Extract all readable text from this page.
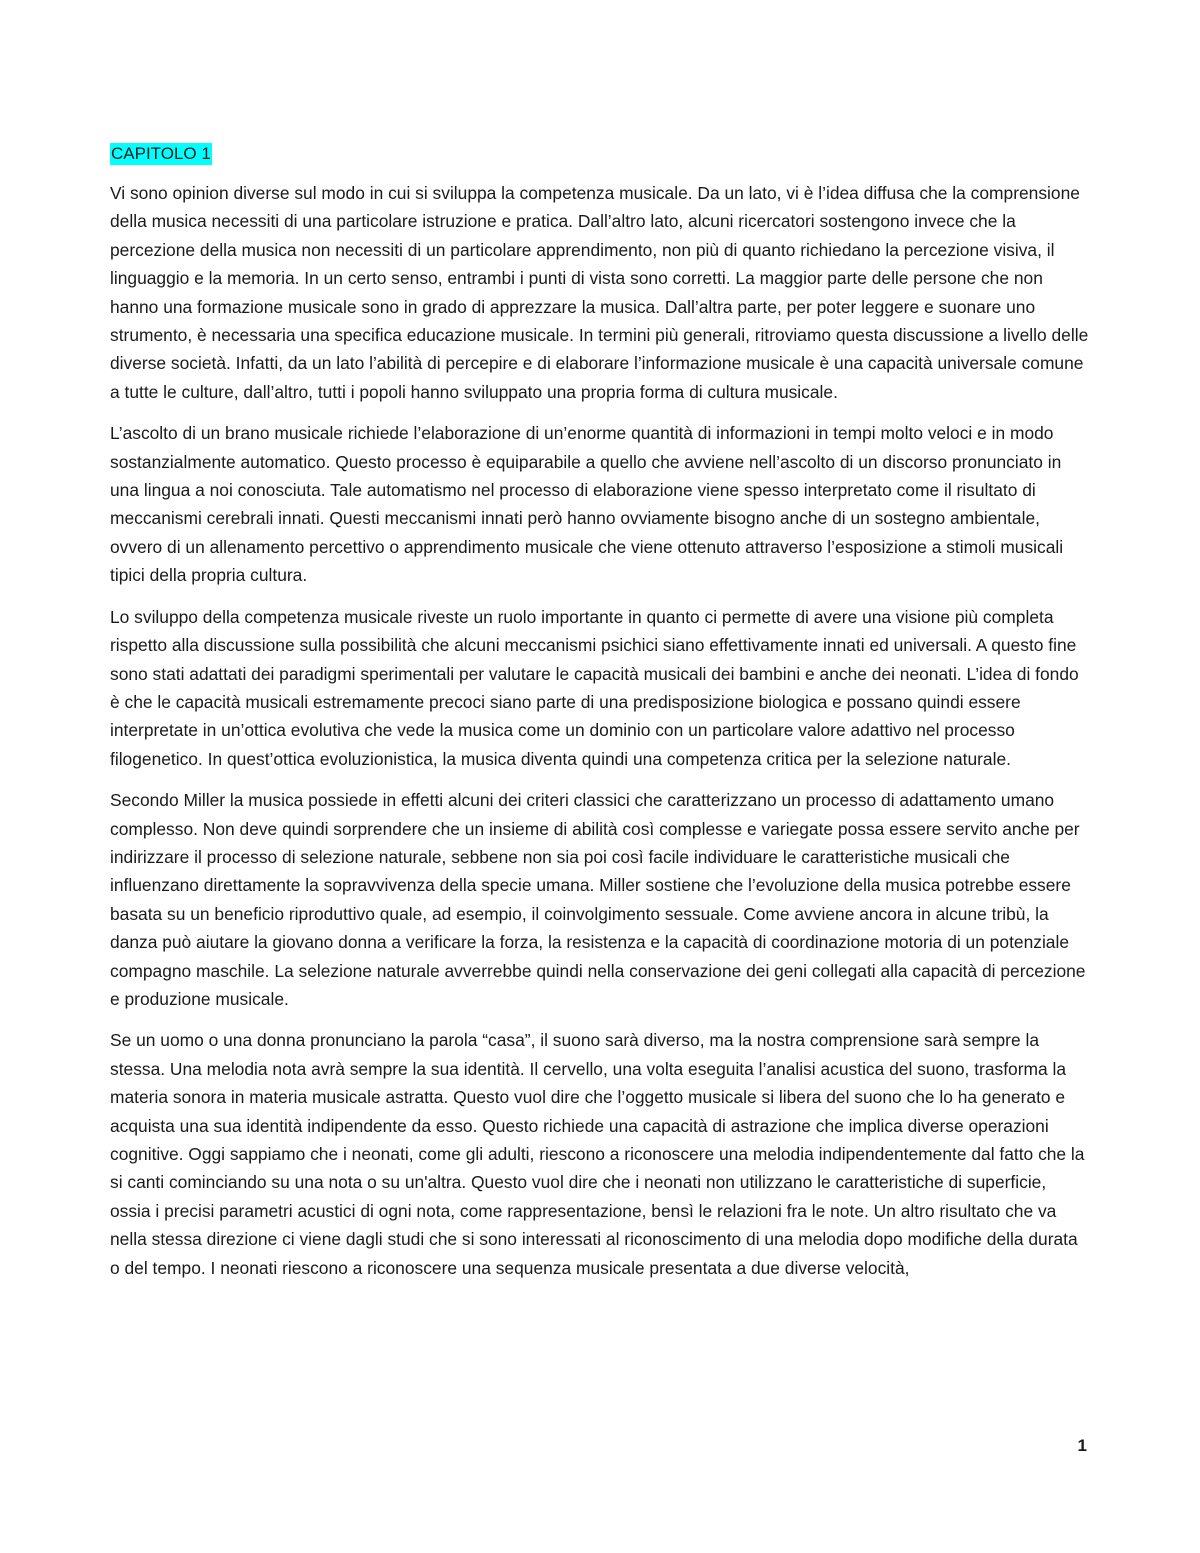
CAPITOLO 1

Vi sono opinion diverse sul modo in cui si sviluppa la competenza musicale. Da un lato, vi è l’idea diffusa che la comprensione della musica necessiti di una particolare istruzione e pratica. Dall’altro lato, alcuni ricercatori sostengono invece che la percezione della musica non necessiti di un particolare apprendimento, non più di quanto richiedano la percezione visiva, il linguaggio e la memoria. In un certo senso, entrambi i punti di vista sono corretti. La maggior parte delle persone che non hanno una formazione musicale sono in grado di apprezzare la musica. Dall’altra parte, per poter leggere e suonare uno strumento, è necessaria una specifica educazione musicale. In termini più generali, ritroviamo questa discussione a livello delle diverse società. Infatti, da un lato l’abilità di percepire e di elaborare l’informazione musicale è una capacità universale comune a tutte le culture, dall’altro, tutti i popoli hanno sviluppato una propria forma di cultura musicale.

L’ascolto di un brano musicale richiede l’elaborazione di un’enorme quantità di informazioni in tempi molto veloci e in modo sostanzialmente automatico. Questo processo è equiparabile a quello che avviene nell’ascolto di un discorso pronunciato in una lingua a noi conosciuta. Tale automatismo nel processo di elaborazione viene spesso interpretato come il risultato di meccanismi cerebrali innati. Questi meccanismi innati però hanno ovviamente bisogno anche di un sostegno ambientale, ovvero di un allenamento percettivo o apprendimento musicale che viene ottenuto attraverso l’esposizione a stimoli musicali tipici della propria cultura.

Lo sviluppo della competenza musicale riveste un ruolo importante in quanto ci permette di avere una visione più completa rispetto alla discussione sulla possibilità che alcuni meccanismi psichici siano effettivamente innati ed universali. A questo fine sono stati adattati dei paradigmi sperimentali per valutare le capacità musicali dei bambini e anche dei neonati. L’idea di fondo è che le capacità musicali estremamente precoci siano parte di una predisposizione biologica e possano quindi essere interpretate in un’ottica evolutiva che vede la musica come un dominio con un particolare valore adattivo nel processo filogenetico. In quest’ottica evoluzionistica, la musica diventa quindi una competenza critica per la selezione naturale.

Secondo Miller la musica possiede in effetti alcuni dei criteri classici che caratterizzano un processo di adattamento umano complesso. Non deve quindi sorprendere che un insieme di abilità così complesse e variegate possa essere servito anche per indirizzare il processo di selezione naturale, sebbene non sia poi così facile individuare le caratteristiche musicali che influenzano direttamente la sopravvivenza della specie umana. Miller sostiene che l’evoluzione della musica potrebbe essere basata su un beneficio riproduttivo quale, ad esempio, il coinvolgimento sessuale. Come avviene ancora in alcune tribù, la danza può aiutare la giovano donna a verificare la forza, la resistenza e la capacità di coordinazione motoria di un potenziale compagno maschile. La selezione naturale avverrebbe quindi nella conservazione dei geni collegati alla capacità di percezione e produzione musicale.

Se un uomo o una donna pronunciano la parola “casa”, il suono sarà diverso, ma la nostra comprensione sarà sempre la stessa. Una melodia nota avrà sempre la sua identità. Il cervello, una volta eseguita l’analisi acustica del suono, trasforma la materia sonora in materia musicale astratta. Questo vuol dire che l’oggetto musicale si libera del suono che lo ha generato e acquista una sua identità indipendente da esso. Questo richiede una capacità di astrazione che implica diverse operazioni cognitive. Oggi sappiamo che i neonati, come gli adulti, riescono a riconoscere una melodia indipendentemente dal fatto che la si canti cominciando su una nota o su un'altra. Questo vuol dire che i neonati non utilizzano le caratteristiche di superficie, ossia i precisi parametri acustici di ogni nota, come rappresentazione, bensì le relazioni fra le note. Un altro risultato che va nella stessa direzione ci viene dagli studi che si sono interessati al riconoscimento di una melodia dopo modifiche della durata o del tempo. I neonati riescono a riconoscere una sequenza musicale presentata a due diverse velocità,

1
